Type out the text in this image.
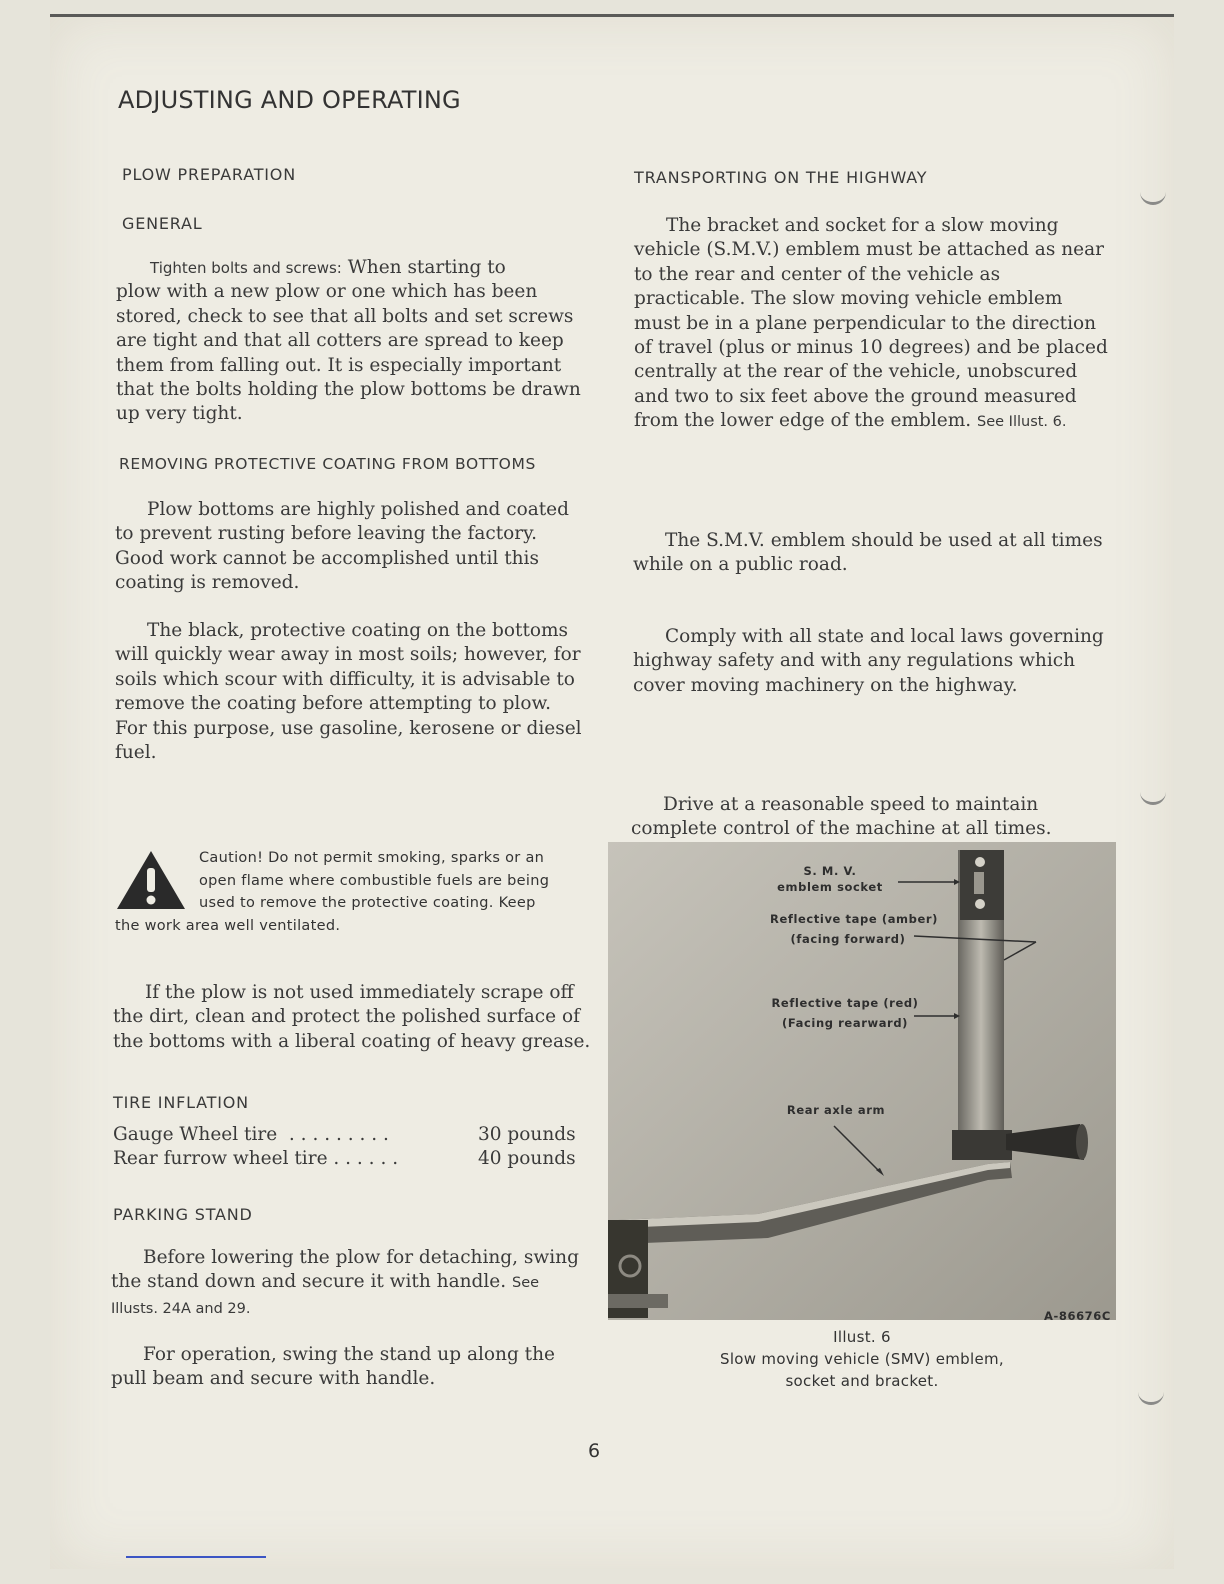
ADJUSTING AND OPERATING
PLOW PREPARATION
GENERAL
Tighten bolts and screws: When starting to
plow with a new plow or one which has been stored, check to see that all bolts and set screws are tight and that all cotters are spread to keep them from falling out. It is especially important that the bolts holding the plow bottoms be drawn up very tight.
REMOVING PROTECTIVE COATING FROM BOTTOMS
Plow bottoms are highly polished and coated to prevent rusting before leaving the factory. Good work cannot be accomplished until this coating is removed.
The black, protective coating on the bottoms will quickly wear away in most soils; however, for soils which scour with difficulty, it is advisable to remove the coating before attempting to plow. For this purpose, use gasoline, kerosene or diesel fuel.
Caution! Do not permit smoking, sparks or an
open flame where combustible fuels are being
used to remove the protective coating. Keep
the work area well ventilated.
If the plow is not used immediately scrape off the dirt, clean and protect the polished surface of the bottoms with a liberal coating of heavy grease.
TIRE INFLATION
Gauge Wheel tire  . . . . . . . . .	30 pounds
Rear furrow wheel tire . . . . . .	40 pounds
PARKING STAND
Before lowering the plow for detaching, swing the stand down and secure it with handle. See Illusts. 24A and 29.
For operation, swing the stand up along the pull beam and secure with handle.
TRANSPORTING ON THE HIGHWAY
The bracket and socket for a slow moving vehicle (S.M.V.) emblem must be attached as near to the rear and center of the vehicle as practicable. The slow moving vehicle emblem must be in a plane perpendicular to the direction of travel (plus or minus 10 degrees) and be placed centrally at the rear of the vehicle, unobscured and two to six feet above the ground measured from the lower edge of the emblem. See Illust. 6.
The S.M.V. emblem should be used at all times while on a public road.
Comply with all state and local laws governing highway safety and with any regulations which cover moving machinery on the highway.
Drive at a reasonable speed to maintain complete control of the machine at all times.
S. M. V.
emblem socket
Reflective tape (amber)
(facing forward)
Reflective tape (red)
(Facing rearward)
Rear axle arm
A-86676C
Illust. 6
Slow moving vehicle (SMV) emblem,
socket and bracket.
6
